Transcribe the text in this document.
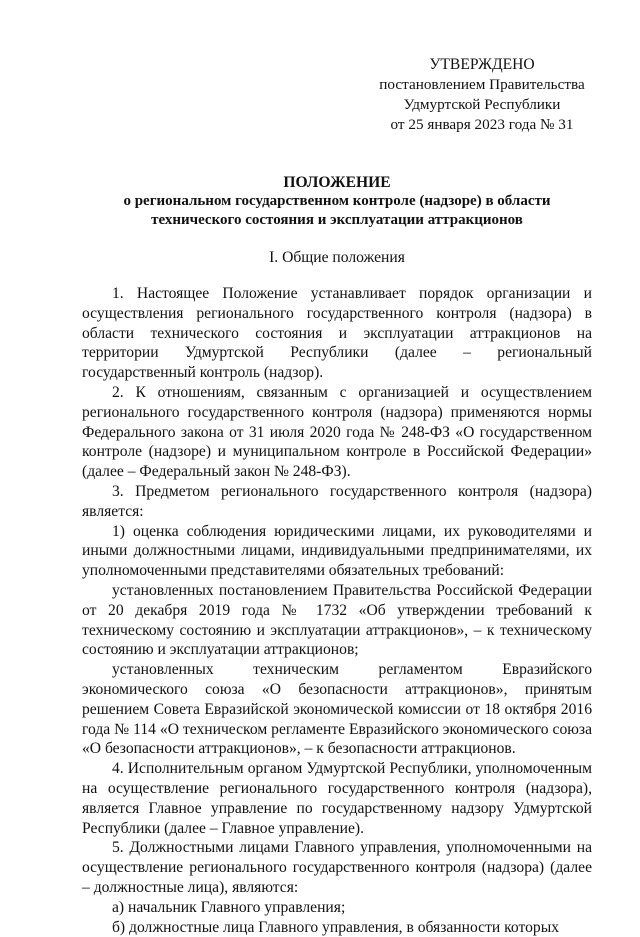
УТВЕРЖДЕНО
постановлением Правительства
Удмуртской Республики
от 25 января 2023 года № 31
ПОЛОЖЕНИЕ
о региональном государственном контроле (надзоре) в области
технического состояния и эксплуатации аттракционов
I. Общие положения

1. Настоящее Положение устанавливает порядок организации и осуществления регионального государственного контроля (надзора) в области технического состояния и эксплуатации аттракционов на территории Удмуртской Республики (далее – региональный государственный контроль (надзор).

2. К отношениям, связанным с организацией и осуществлением регионального государственного контроля (надзора) применяются нормы Федерального закона от 31 июля 2020 года № 248-ФЗ «О государственном контроле (надзоре) и муниципальном контроле в Российской Федерации» (далее – Федеральный закон № 248-ФЗ).

3. Предметом регионального государственного контроля (надзора) является:

1) оценка соблюдения юридическими лицами, их руководителями и иными должностными лицами, индивидуальными предпринимателями, их уполномоченными представителями обязательных требований:

установленных постановлением Правительства Российской Федерации от 20 декабря 2019 года № 1732 «Об утверждении требований к техническому состоянию и эксплуатации аттракционов», – к техническому состоянию и эксплуатации аттракционов;

установленных техническим регламентом Евразийского экономического союза «О безопасности аттракционов», принятым решением Совета Евразийской экономической комиссии от 18 октября 2016 года № 114 «О техническом регламенте Евразийского экономического союза «О безопасности аттракционов», – к безопасности аттракционов.

4. Исполнительным органом Удмуртской Республики, уполномоченным на осуществление регионального государственного контроля (надзора), является Главное управление по государственному надзору Удмуртской Республики (далее – Главное управление).

5. Должностными лицами Главного управления, уполномоченными на осуществление регионального государственного контроля (надзора) (далее – должностные лица), являются:

а) начальник Главного управления;

б) должностные лица Главного управления, в обязанности которых
